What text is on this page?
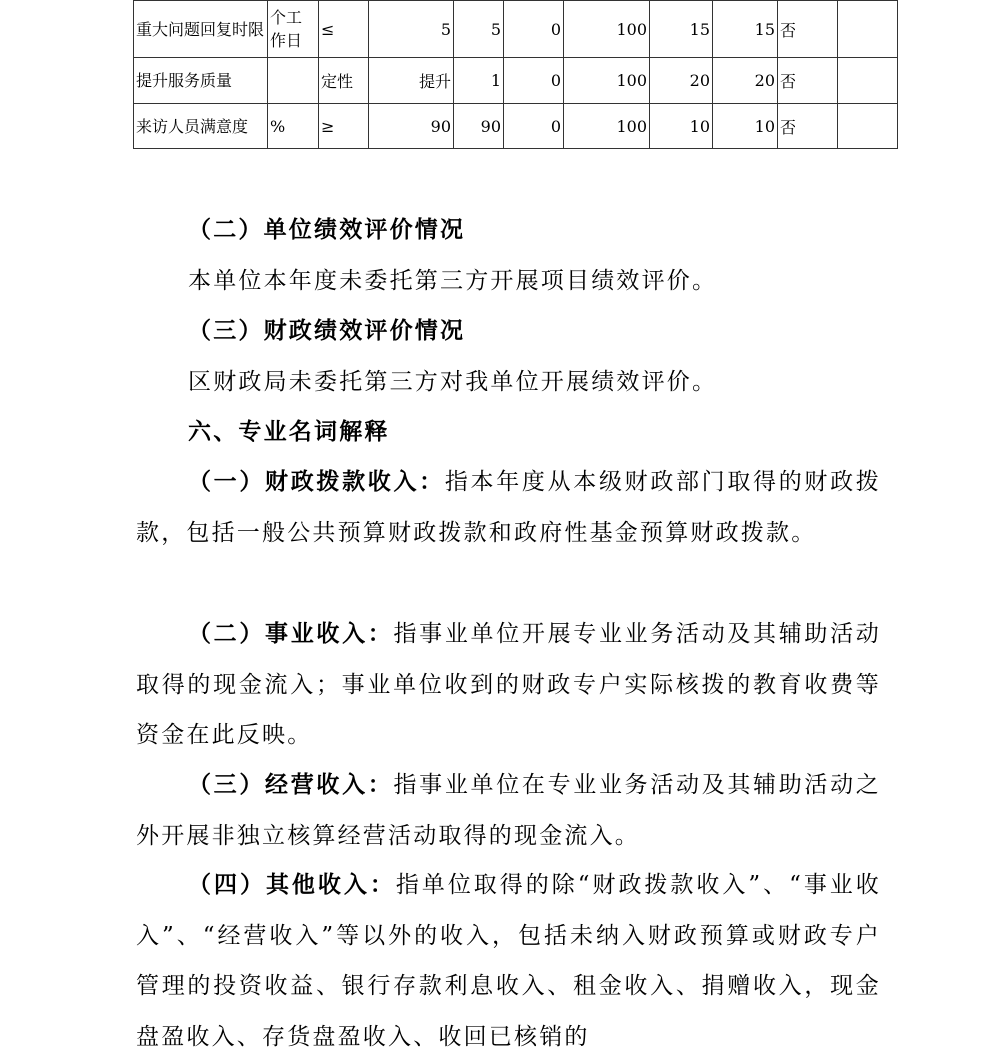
重大问题回复时限	个工作日	≤	5	5	0	100	15	15	否	
提升服务质量		定性	提升	1	0	100	20	20	否	
来访人员满意度	%	≥	90	90	0	100	10	10	否	

（二）单位绩效评价情况

本单位本年度未委托第三方开展项目绩效评价。

（三）财政绩效评价情况

区财政局未委托第三方对我单位开展绩效评价。

六、专业名词解释

（一）财政拨款收入：指本年度从本级财政部门取得的财政拨款，包括一般公共预算财政拨款和政府性基金预算财政拨款。

（二）事业收入：指事业单位开展专业业务活动及其辅助活动取得的现金流入；事业单位收到的财政专户实际核拨的教育收费等资金在此反映。

（三）经营收入：指事业单位在专业业务活动及其辅助活动之外开展非独立核算经营活动取得的现金流入。

（四）其他收入：指单位取得的除“财政拨款收入”、“事业收入”、“经营收入”等以外的收入，包括未纳入财政预算或财政专户管理的投资收益、银行存款利息收入、租金收入、捐赠收入，现金盘盈收入、存货盘盈收入、收回已核销的
